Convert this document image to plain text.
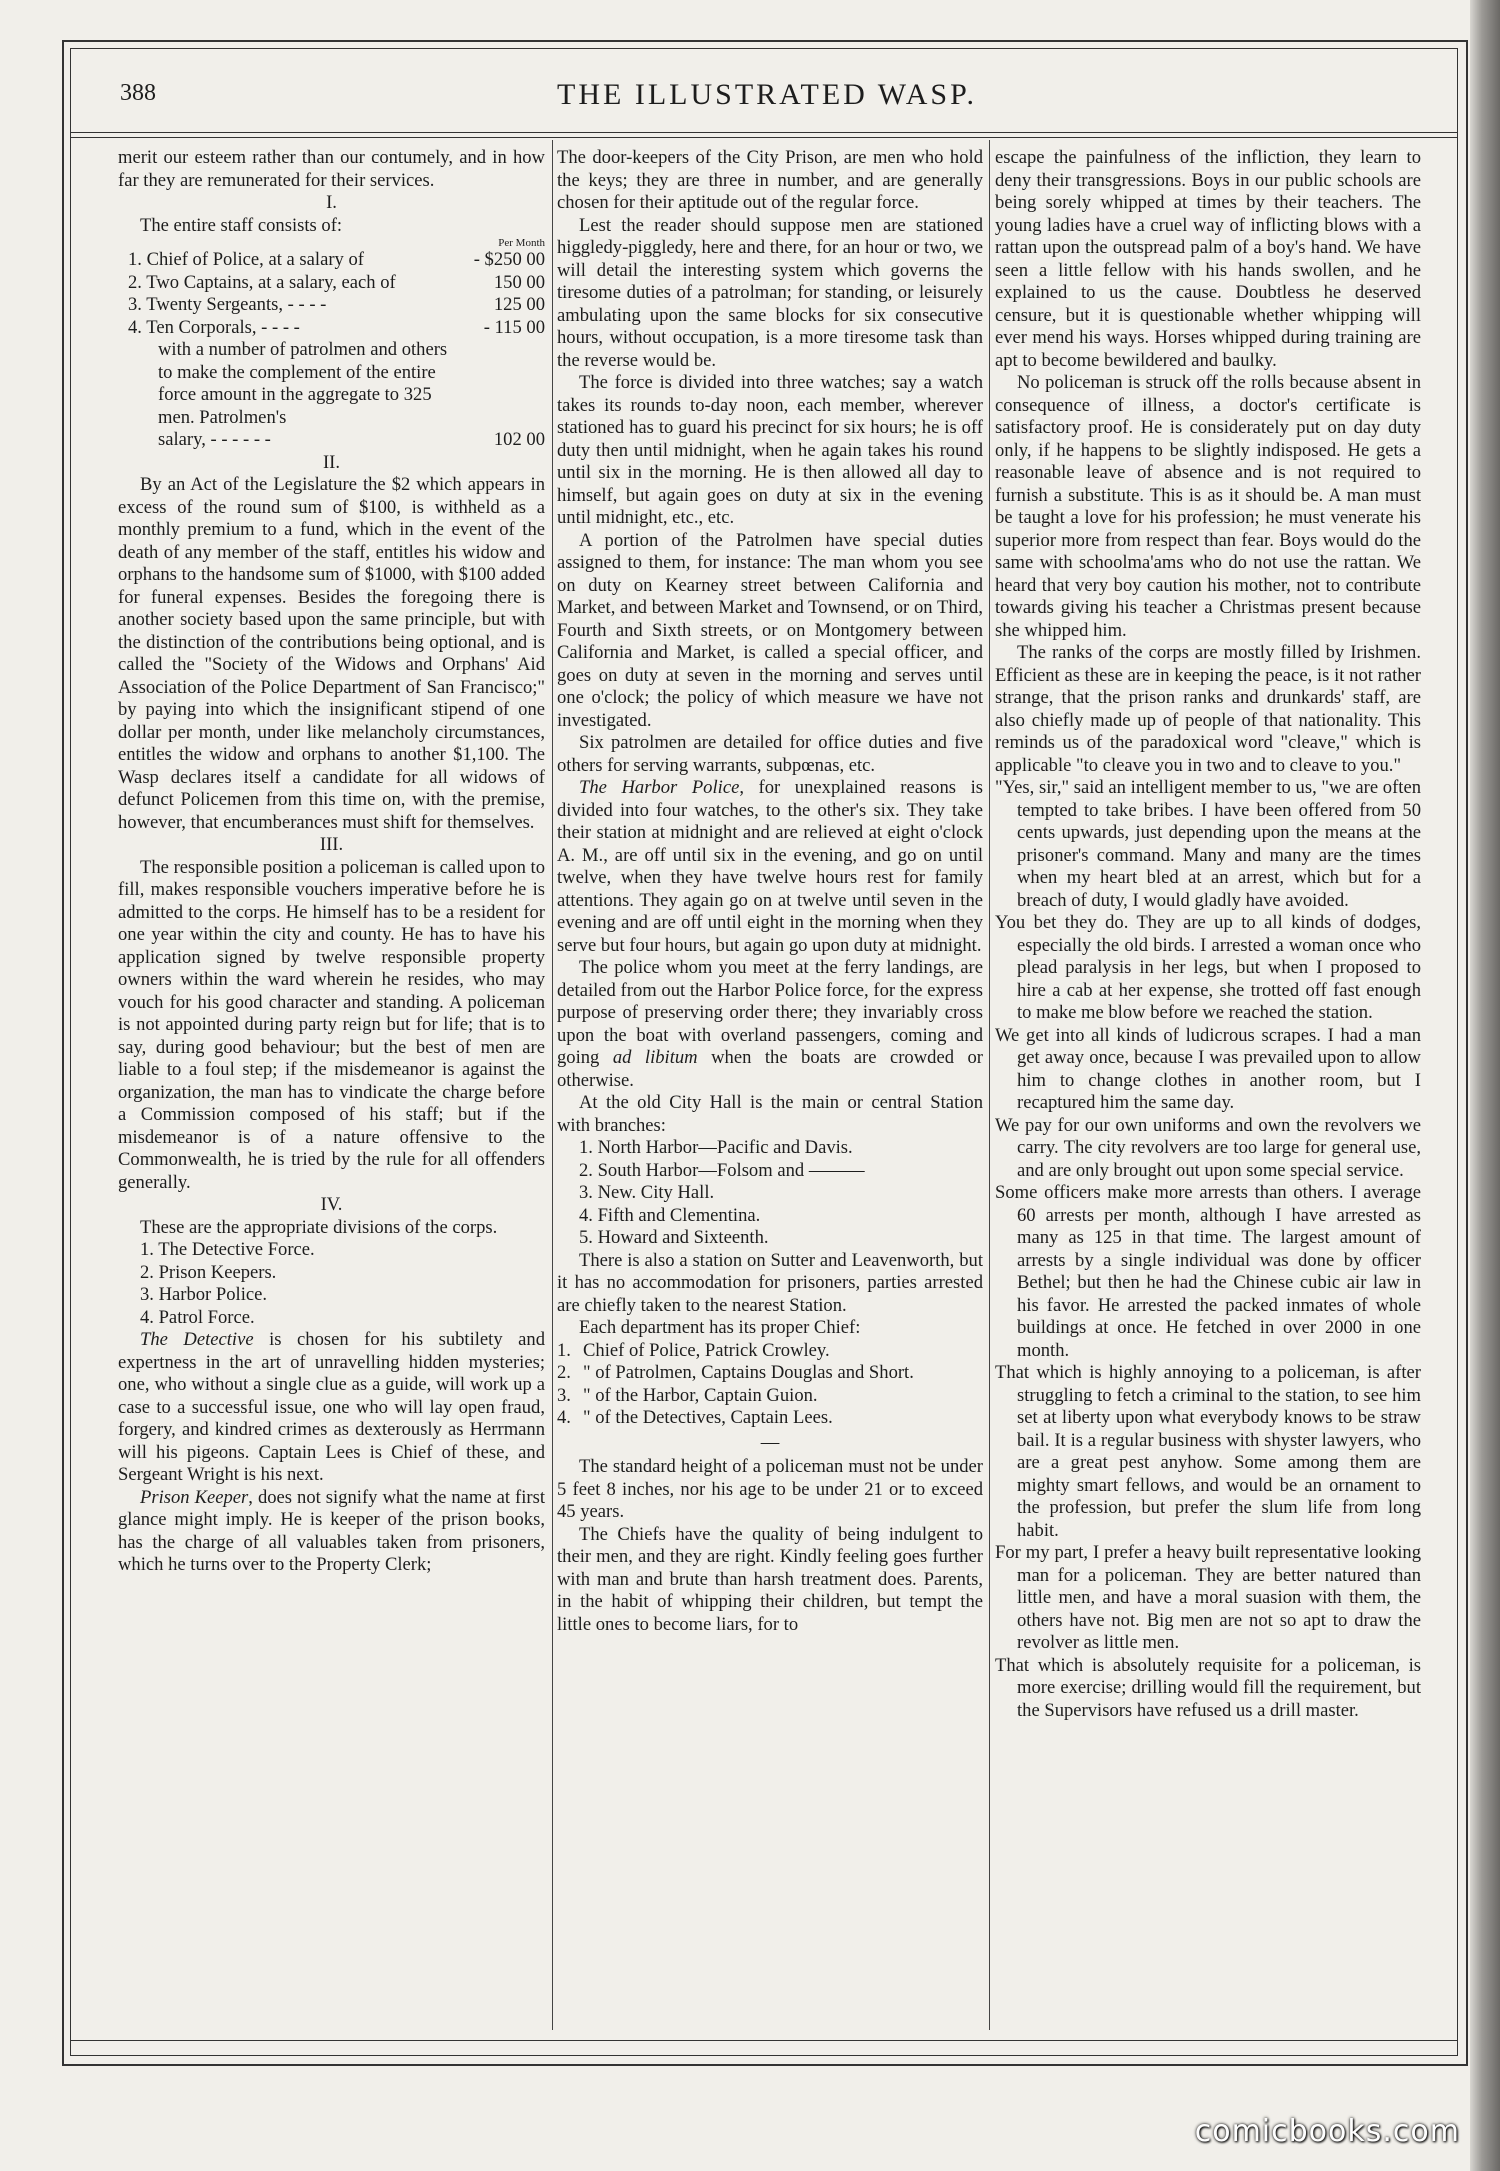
388	THE ILLUSTRATED WASP.

merit our esteem rather than our contumely, and in how far they are remunerated for their services.

I.

The entire staff consists of:

Per Month
1. Chief of Police, at a salary of	- $250 00
2. Two Captains, at a salary, each of	150 00
3. Twenty Sergeants, - - - -	125 00
4. Ten Corporals, - - - -	- 115 00
with a number of patrolmen and others to make the complement of the entire force amount in the aggregate to 325 men. Patrolmen's
salary, - - - - - -	102 00

II.

By an Act of the Legislature the $2 which appears in excess of the round sum of $100, is withheld as a monthly premium to a fund, which in the event of the death of any member of the staff, entitles his widow and orphans to the handsome sum of $1000, with $100 added for funeral expenses. Besides the foregoing there is another society based upon the same principle, but with the distinction of the contributions being optional, and is called the "Society of the Widows and Orphans' Aid Association of the Police Department of San Francisco;" by paying into which the insignificant stipend of one dollar per month, under like melancholy circumstances, entitles the widow and orphans to another $1,100. The Wasp declares itself a candidate for all widows of defunct Policemen from this time on, with the premise, however, that encumberances must shift for themselves.

III.

The responsible position a policeman is called upon to fill, makes responsible vouchers imperative before he is admitted to the corps. He himself has to be a resident for one year within the city and county. He has to have his application signed by twelve responsible property owners within the ward wherein he resides, who may vouch for his good character and standing. A policeman is not appointed during party reign but for life; that is to say, during good behaviour; but the best of men are liable to a foul step; if the misdemeanor is against the organization, the man has to vindicate the charge before a Commission composed of his staff; but if the misdemeanor is of a nature offensive to the Commonwealth, he is tried by the rule for all offenders generally.

IV.

These are the appropriate divisions of the corps.

1. The Detective Force.
2. Prison Keepers.
3. Harbor Police.
4. Patrol Force.

The Detective is chosen for his subtilety and expertness in the art of unravelling hidden mysteries; one, who without a single clue as a guide, will work up a case to a successful issue, one who will lay open fraud, forgery, and kindred crimes as dexterously as Herrmann will his pigeons. Captain Lees is Chief of these, and Sergeant Wright is his next.

Prison Keeper, does not signify what the name at first glance might imply. He is keeper of the prison books, has the charge of all valuables taken from prisoners, which he turns over to the Property Clerk;

The door-keepers of the City Prison, are men who hold the keys; they are three in number, and are generally chosen for their aptitude out of the regular force.

Lest the reader should suppose men are stationed higgledy-piggledy, here and there, for an hour or two, we will detail the interesting system which governs the tiresome duties of a patrolman; for standing, or leisurely ambulating upon the same blocks for six consecutive hours, without occupation, is a more tiresome task than the reverse would be.

The force is divided into three watches; say a watch takes its rounds to-day noon, each member, wherever stationed has to guard his precinct for six hours; he is off duty then until midnight, when he again takes his round until six in the morning. He is then allowed all day to himself, but again goes on duty at six in the evening until midnight, etc., etc.

A portion of the Patrolmen have special duties assigned to them, for instance: The man whom you see on duty on Kearney street between California and Market, and between Market and Townsend, or on Third, Fourth and Sixth streets, or on Montgomery between California and Market, is called a special officer, and goes on duty at seven in the morning and serves until one o'clock; the policy of which measure we have not investigated.

Six patrolmen are detailed for office duties and five others for serving warrants, subpœnas, etc.

The Harbor Police, for unexplained reasons is divided into four watches, to the other's six. They take their station at midnight and are relieved at eight o'clock A. M., are off until six in the evening, and go on until twelve, when they have twelve hours rest for family attentions. They again go on at twelve until seven in the evening and are off until eight in the morning when they serve but four hours, but again go upon duty at midnight.

The police whom you meet at the ferry landings, are detailed from out the Harbor Police force, for the express purpose of preserving order there; they invariably cross upon the boat with overland passengers, coming and going ad libitum when the boats are crowded or otherwise.

At the old City Hall is the main or central Station with branches:

1. North Harbor—Pacific and Davis.
2. South Harbor—Folsom and ———
3. New. City Hall.
4. Fifth and Clementina.
5. Howard and Sixteenth.

There is also a station on Sutter and Leavenworth, but it has no accommodation for prisoners, parties arrested are chiefly taken to the nearest Station.

Each department has its proper Chief:

1. Chief of Police, Patrick Crowley.
2. " of Patrolmen, Captains Douglas and Short.
3. " of the Harbor, Captain Guion.
4. " of the Detectives, Captain Lees.
—

The standard height of a policeman must not be under 5 feet 8 inches, nor his age to be under 21 or to exceed 45 years.

The Chiefs have the quality of being indulgent to their men, and they are right. Kindly feeling goes further with man and brute than harsh treatment does. Parents, in the habit of whipping their children, but tempt the little ones to become liars, for to

escape the painfulness of the infliction, they learn to deny their transgressions. Boys in our public schools are being sorely whipped at times by their teachers. The young ladies have a cruel way of inflicting blows with a rattan upon the outspread palm of a boy's hand. We have seen a little fellow with his hands swollen, and he explained to us the cause. Doubtless he deserved censure, but it is questionable whether whipping will ever mend his ways. Horses whipped during training are apt to become bewildered and baulky.

No policeman is struck off the rolls because absent in consequence of illness, a doctor's certificate is satisfactory proof. He is considerately put on day duty only, if he happens to be slightly indisposed. He gets a reasonable leave of absence and is not required to furnish a substitute. This is as it should be. A man must be taught a love for his profession; he must venerate his superior more from respect than fear. Boys would do the same with schoolma'ams who do not use the rattan. We heard that very boy caution his mother, not to contribute towards giving his teacher a Christmas present because she whipped him.

The ranks of the corps are mostly filled by Irishmen. Efficient as these are in keeping the peace, is it not rather strange, that the prison ranks and drunkards' staff, are also chiefly made up of people of that nationality. This reminds us of the paradoxical word "cleave," which is applicable "to cleave you in two and to cleave to you."

"Yes, sir," said an intelligent member to us, "we are often tempted to take bribes. I have been offered from 50 cents upwards, just depending upon the means at the prisoner's command. Many and many are the times when my heart bled at an arrest, which but for a breach of duty, I would gladly have avoided.

You bet they do. They are up to all kinds of dodges, especially the old birds. I arrested a woman once who plead paralysis in her legs, but when I proposed to hire a cab at her expense, she trotted off fast enough to make me blow before we reached the station.

We get into all kinds of ludicrous scrapes. I had a man get away once, because I was prevailed upon to allow him to change clothes in another room, but I recaptured him the same day.

We pay for our own uniforms and own the revolvers we carry. The city revolvers are too large for general use, and are only brought out upon some special service.

Some officers make more arrests than others. I average 60 arrests per month, although I have arrested as many as 125 in that time. The largest amount of arrests by a single individual was done by officer Bethel; but then he had the Chinese cubic air law in his favor. He arrested the packed inmates of whole buildings at once. He fetched in over 2000 in one month.

That which is highly annoying to a policeman, is after struggling to fetch a criminal to the station, to see him set at liberty upon what everybody knows to be straw bail. It is a regular business with shyster lawyers, who are a great pest anyhow. Some among them are mighty smart fellows, and would be an ornament to the profession, but prefer the slum life from long habit.

For my part, I prefer a heavy built representative looking man for a policeman. They are better natured than little men, and have a moral suasion with them, the others have not. Big men are not so apt to draw the revolver as little men.

That which is absolutely requisite for a policeman, is more exercise; drilling would fill the requirement, but the Supervisors have refused us a drill master.

comicbooks.com
